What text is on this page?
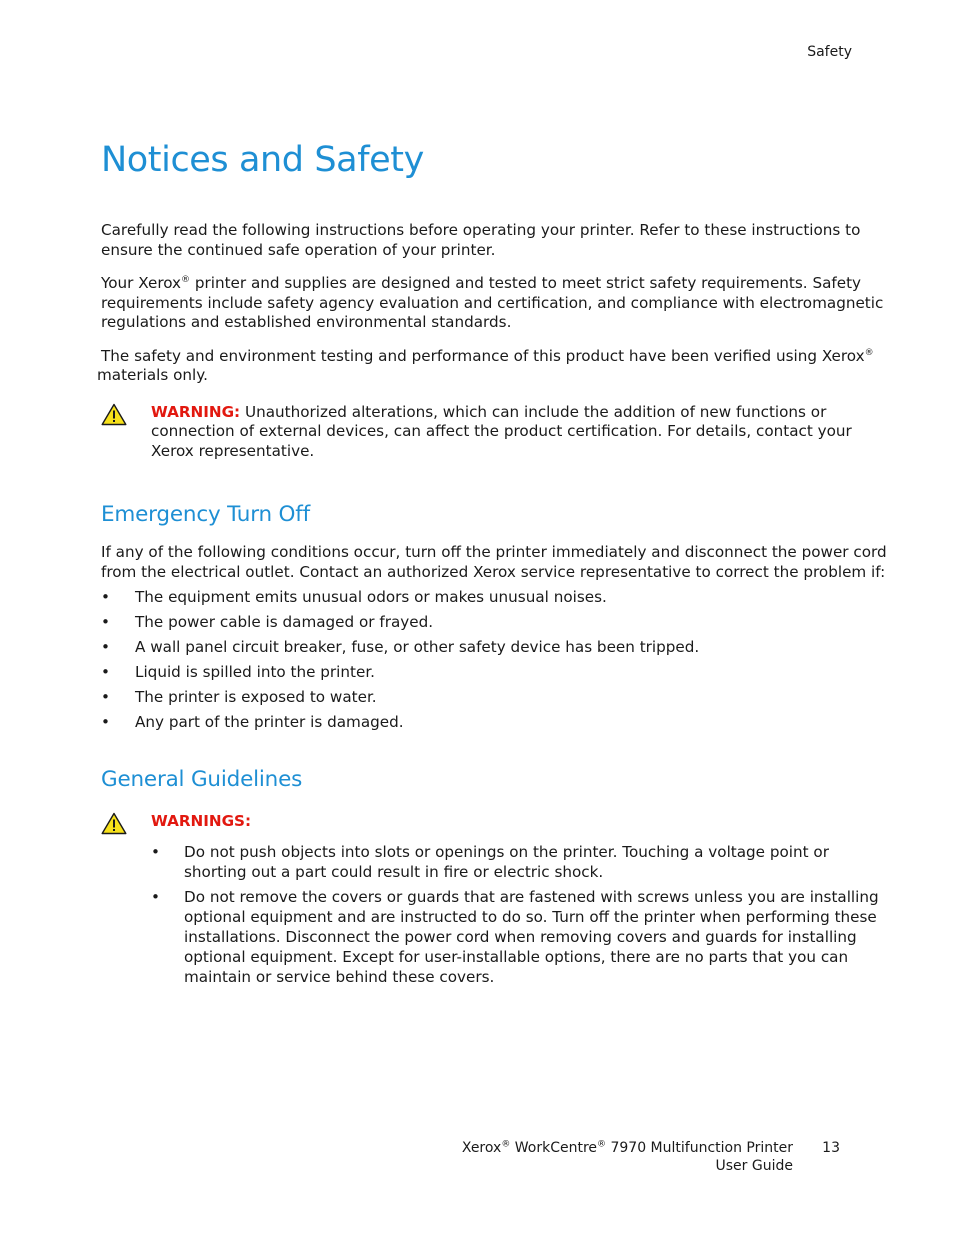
Safety
Notices and Safety

Carefully read the following instructions before operating your printer. Refer to these instructions to ensure the continued safe operation of your printer.

Your Xerox® printer and supplies are designed and tested to meet strict safety requirements. Safety requirements include safety agency evaluation and certification, and compliance with electromagnetic regulations and established environmental standards.

The safety and environment testing and performance of this product have been verified using Xerox®
materials only.

WARNING: Unauthorized alterations, which can include the addition of new functions or connection of external devices, can affect the product certification. For details, contact your Xerox representative.

Emergency Turn Off

If any of the following conditions occur, turn off the printer immediately and disconnect the power cord from the electrical outlet. Contact an authorized Xerox service representative to correct the problem if:

• The equipment emits unusual odors or makes unusual noises.
• The power cable is damaged or frayed.
• A wall panel circuit breaker, fuse, or other safety device has been tripped.
• Liquid is spilled into the printer.
• The printer is exposed to water.
• Any part of the printer is damaged.
General Guidelines

WARNINGS:

• Do not push objects into slots or openings on the printer. Touching a voltage point or shorting out a part could result in fire or electric shock.
• Do not remove the covers or guards that are fastened with screws unless you are installing optional equipment and are instructed to do so. Turn off the printer when performing these installations. Disconnect the power cord when removing covers and guards for installing optional equipment. Except for user-installable options, there are no parts that you can maintain or service behind these covers.
Xerox® WorkCentre® 7970 Multifunction Printer
User Guide
13
